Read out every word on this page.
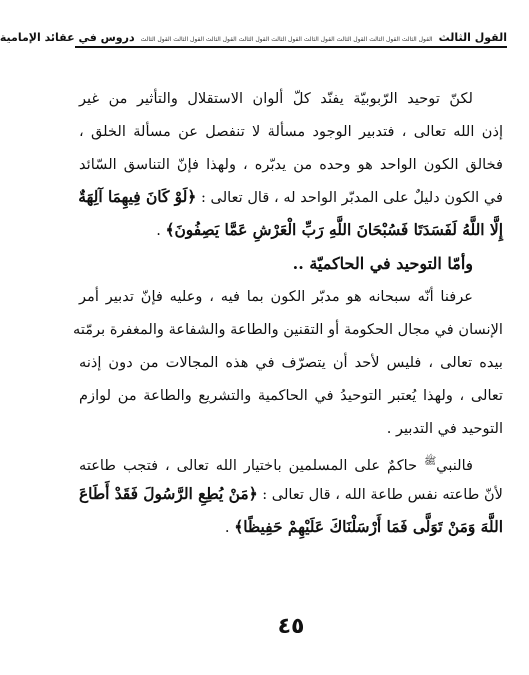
القول الثالث
القول الثالث القول الثالث القول الثالث القول الثالث القول الثالث القول الثالث القول الثالث القول الثالث القول الثالث
دروس في عقائد الإمامية
لكنّ توحيد الرّبوبيّة يفنّد كلّ ألوان الاستقلال والتأثير من غير
إذن الله تعالى ، فتدبير الوجود مسألة لا تنفصل عن مسألة الخلق ،
فخالق الكون الواحد هو وحده من يدبّره ، ولهذا فإنّ التناسق السّائد
في الكون دليلٌ على المدبّر الواحد له ، قال تعالى : ﴿لَوْ كَانَ فِيهِمَا آلِهَةٌ
إِلَّا اللَّهُ لَفَسَدَتَا فَسُبْحَانَ اللَّهِ رَبِّ الْعَرْشِ عَمَّا يَصِفُونَ﴾ .
وأمّا التوحيد في الحاكميّة ..
عرفنا أنّه سبحانه هو مدبّر الكون بما فيه ، وعليه فإنّ تدبير أمر
الإنسان في مجال الحكومة أو التقنين والطاعة والشفاعة والمغفرة برمّته
بيده تعالى ، فليس لأحد أن يتصرّف في هذه المجالات من دون إذنه
تعالى ، ولهذا يُعتبر التوحيدُ في الحاكمية والتشريع والطاعة من لوازم
التوحيد في التدبير .
فالنبي$^ﷺ$ حاكمٌ على المسلمين باختيار الله تعالى ، فتجب طاعته
لأنّ طاعته نفس طاعة الله ، قال تعالى : ﴿مَنْ يُطِعِ الرَّسُولَ فَقَدْ أَطَاعَ
اللَّهَ وَمَنْ تَوَلَّى فَمَا أَرْسَلْنَاكَ عَلَيْهِمْ حَفِيظًا﴾ .
٤٥
